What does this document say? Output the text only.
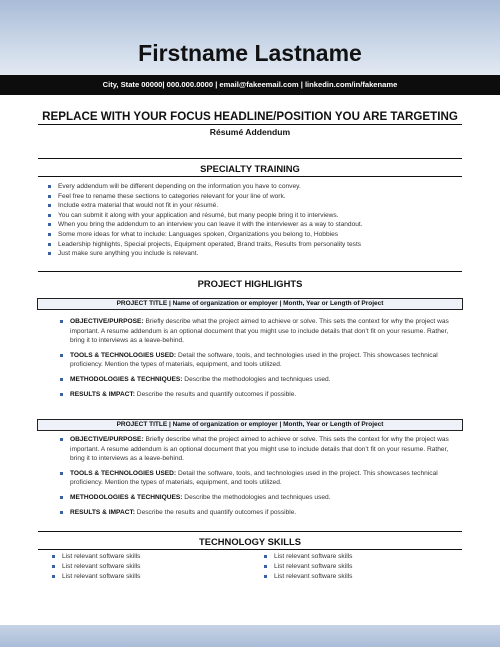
Firstname Lastname
City, State 00000| 000.000.0000 | email@fakeemail.com | linkedin.com/in/fakename
REPLACE WITH YOUR FOCUS HEADLINE/POSITION YOU ARE TARGETING
Résumé Addendum
SPECIALTY TRAINING
Every addendum will be different depending on the information you have to convey.
Feel free to rename these sections to categories relevant for your line of work.
Include extra material that would not fit in your résumé.
You can submit it along with your application and résumé, but many people bring it to interviews.
When you bring the addendum to an interview you can leave it with the interviewer as a way to standout.
Some more ideas for what to include: Languages spoken, Organizations you belong to, Hobbies
Leadership highlights, Special projects, Equipment operated, Brand traits, Results from personality tests
Just make sure anything you include is relevant.
PROJECT HIGHLIGHTS
PROJECT TITLE | Name of organization or employer | Month, Year or Length of Project
OBJECTIVE/PURPOSE: Briefly describe what the project aimed to achieve or solve. This sets the context for why the project was important. A resume addendum is an optional document that you might use to include details that don’t fit on your resume. Rather, bring it to interviews as a leave-behind.
TOOLS & TECHNOLOGIES USED: Detail the software, tools, and technologies used in the project. This showcases technical proficiency. Mention the types of materials, equipment, and tools utilized.
METHODOLOGIES & TECHNIQUES: Describe the methodologies and techniques used.
RESULTS & IMPACT: Describe the results and quantify outcomes if possible.
PROJECT TITLE | Name of organization or employer | Month, Year or Length of Project
OBJECTIVE/PURPOSE: Briefly describe what the project aimed to achieve or solve. This sets the context for why the project was important. A resume addendum is an optional document that you might use to include details that don’t fit on your resume. Rather, bring it to interviews as a leave-behind.
TOOLS & TECHNOLOGIES USED: Detail the software, tools, and technologies used in the project. This showcases technical proficiency. Mention the types of materials, equipment, and tools utilized.
METHODOLOGIES & TECHNIQUES: Describe the methodologies and techniques used.
RESULTS & IMPACT: Describe the results and quantify outcomes if possible.
TECHNOLOGY SKILLS
List relevant software skills
List relevant software skills
List relevant software skills
List relevant software skills
List relevant software skills
List relevant software skills
